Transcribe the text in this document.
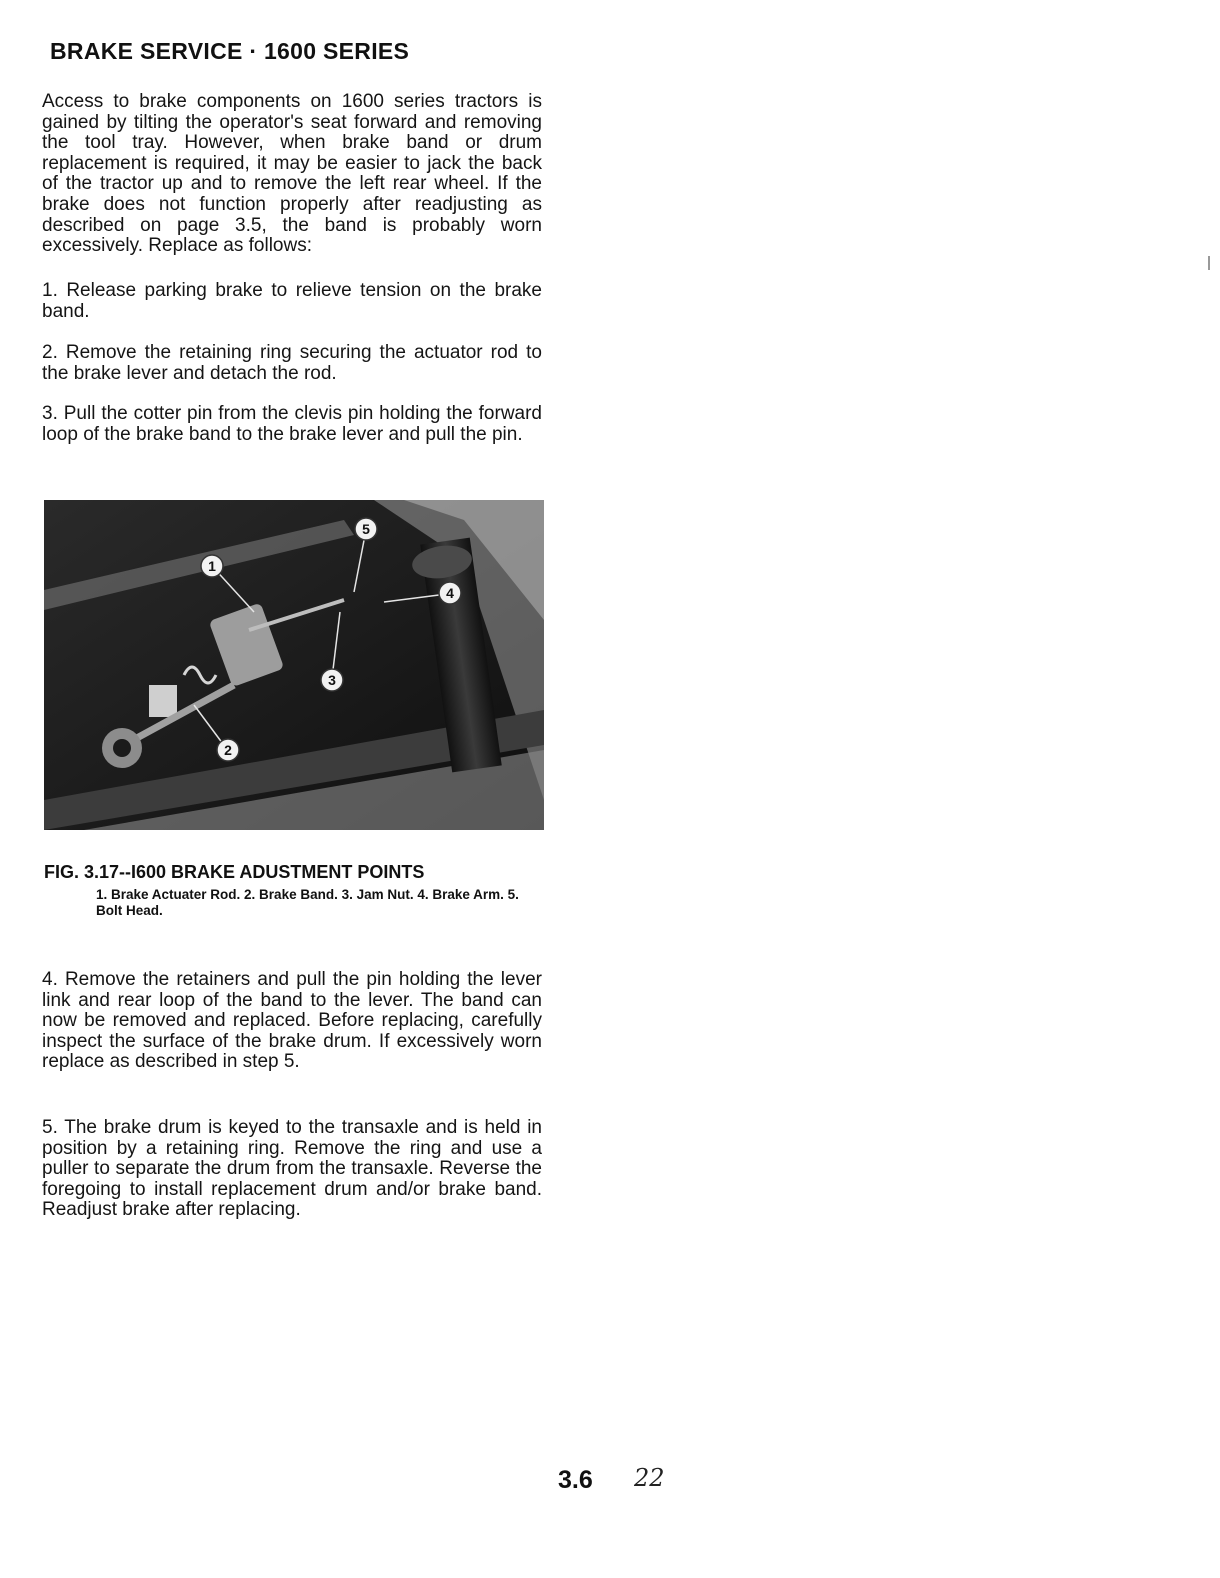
BRAKE SERVICE · 1600 SERIES

Access to brake components on 1600 series tractors is gained by tilting the operator's seat forward and removing the tool tray. However, when brake band or drum replacement is required, it may be easier to jack the back of the tractor up and to remove the left rear wheel. If the brake does not function properly after readjusting as described on page 3.5, the band is probably worn excessively. Replace as follows:

1. Release parking brake to relieve tension on the brake band.

2. Remove the retaining ring securing the actuator rod to the brake lever and detach the rod.

3. Pull the cotter pin from the clevis pin holding the forward loop of the brake band to the brake lever and pull the pin.

1
2
3
4
5
FIG. 3.17--I600 BRAKE ADUSTMENT POINTS
1. Brake Actuater Rod. 2. Brake Band. 3. Jam Nut. 4. Brake Arm. 5. Bolt Head.

4. Remove the retainers and pull the pin holding the lever link and rear loop of the band to the lever. The band can now be removed and replaced. Before replacing, carefully inspect the surface of the brake drum. If excessively worn replace as described in step 5.

5. The brake drum is keyed to the transaxle and is held in position by a retaining ring. Remove the ring and use a puller to separate the drum from the transaxle. Reverse the foregoing to install replacement drum and/or brake band. Readjust brake after replacing.

3.6 22
